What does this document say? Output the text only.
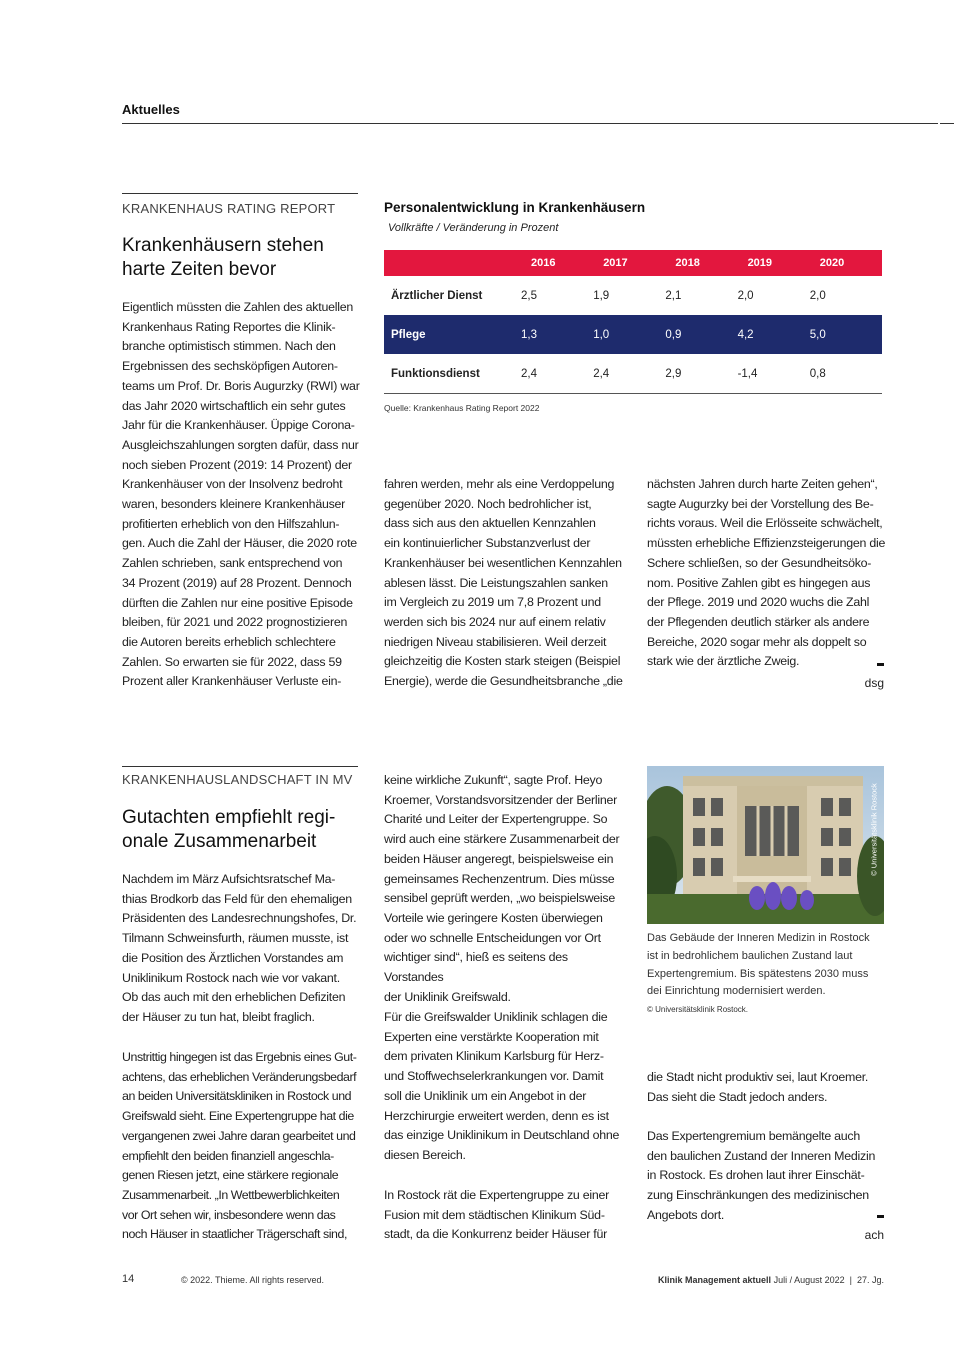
Aktuelles
KRANKENHAUS RATING REPORT
Krankenhäusern stehen
harte Zeiten bevor

Eigentlich müssten die Zahlen des aktuellen
Krankenhaus Rating Reportes die Klinik-
branche optimistisch stimmen. Nach den
Ergebnissen des sechsköpfigen Autoren-
teams um Prof. Dr. Boris Augurzky (RWI) war
das Jahr 2020 wirtschaftlich ein sehr gutes
Jahr für die Krankenhäuser. Üppige Corona-
Ausgleichszahlungen sorgten dafür, dass nur
noch sieben Prozent (2019: 14 Prozent) der
Krankenhäuser von der Insolvenz bedroht
waren, besonders kleinere Krankenhäuser
profitierten erheblich von den Hilfszahlun-
gen. Auch die Zahl der Häuser, die 2020 rote
Zahlen schrieben, sank entsprechend von
34 Prozent (2019) auf 28 Prozent. Dennoch
dürften die Zahlen nur eine positive Episode
bleiben, für 2021 und 2022 prognostizieren
die Autoren bereits erheblich schlechtere
Zahlen. So erwarten sie für 2022, dass 59
Prozent aller Krankenhäuser Verluste ein-

Personalentwicklung in Krankenhäusern
Vollkräfte / Veränderung in Prozent
	2016	2017	2018	2019	2020
Ärztlicher Dienst	2,5	1,9	2,1	2,0	2,0
Pflege	1,3	1,0	0,9	4,2	5,0
Funktionsdienst	2,4	2,4	2,9	-1,4	0,8
Quelle: Krankenhaus Rating Report 2022

fahren werden, mehr als eine Verdoppelung
gegenüber 2020. Noch bedrohlicher ist,
dass sich aus den aktuellen Kennzahlen
ein kontinuierlicher Substanzverlust der
Krankenhäuser bei wesentlichen Kennzahlen
ablesen lässt. Die Leistungszahlen sanken
im Vergleich zu 2019 um 7,8 Prozent und
werden sich bis 2024 nur auf einem relativ
niedrigen Niveau stabilisieren. Weil derzeit
gleichzeitig die Kosten stark steigen (Beispiel
Energie), werde die Gesundheitsbranche „die

nächsten Jahren durch harte Zeiten gehen“,
sagte Augurzky bei der Vorstellung des Be-
richts voraus. Weil die Erlösseite schwächelt,
müssten erhebliche Effizienzsteigerungen die
Schere schließen, so der Gesundheitsöko-
nom. Positive Zahlen gibt es hingegen aus
der Pflege. 2019 und 2020 wuchs die Zahl
der Pflegenden deutlich stärker als andere
Bereiche, 2020 sogar mehr als doppelt so
stark wie der ärztliche Zweig.

dsg
KRANKENHAUSLANDSCHAFT IN MV
Gutachten empfiehlt regi-
onale Zusammenarbeit

Nachdem im März Aufsichtsratschef Ma-
thias Brodkorb das Feld für den ehemaligen
Präsidenten des Landesrechnungshofes, Dr.
Tilmann Schweinsfurth, räumen musste, ist
die Position des Ärztlichen Vorstandes am
Uniklinikum Rostock nach wie vor vakant.
Ob das auch mit den erheblichen Defiziten
der Häuser zu tun hat, bleibt fraglich.

Unstrittig hingegen ist das Ergebnis eines Gut-
achtens, das erheblichen Veränderungsbedarf
an beiden Universitätskliniken in Rostock und
Greifswald sieht. Eine Expertengruppe hat die
vergangenen zwei Jahre daran gearbeitet und
empfiehlt den beiden finanziell angeschla-
genen Riesen jetzt, eine stärkere regionale
Zusammenarbeit. „In Wettbewerblichkeiten
vor Ort sehen wir, insbesondere wenn das
noch Häuser in staatlicher Trägerschaft sind,

keine wirkliche Zukunft“, sagte Prof. Heyo
Kroemer, Vorstandsvorsitzender der Berliner
Charité und Leiter der Expertengruppe. So
wird auch eine stärkere Zusammenarbeit der
beiden Häuser angeregt, beispielsweise ein
gemeinsames Rechenzentrum. Dies müsse
sensibel geprüft werden, „wo beispielsweise
Vorteile wie geringere Kosten überwiegen
oder wo schnelle Entscheidungen vor Ort
wichtiger sind“, hieß es seitens des Vorstandes
der Uniklinik Greifswald.

Für die Greifswalder Uniklinik schlagen die
Experten eine verstärkte Kooperation mit
dem privaten Klinikum Karlsburg für Herz-
und Stoffwechselerkrankungen vor. Damit
soll die Uniklinik um ein Angebot in der
Herzchirurgie erweitert werden, denn es ist
das einzige Uniklinikum in Deutschland ohne
diesen Bereich.

In Rostock rät die Expertengruppe zu einer
Fusion mit dem städtischen Klinikum Süd-
stadt, da die Konkurrenz beider Häuser für

© Universitätsklinik Rostock
Das Gebäude der Inneren Medizin in Rostock
ist in bedrohlichem baulichen Zustand laut
Expertengremium. Bis spätestens 2030 muss
dei Einrichtung modernisiert werden.
© Universitätsklinik Rostock.

die Stadt nicht produktiv sei, laut Kroemer.
Das sieht die Stadt jedoch anders.

Das Expertengremium bemängelte auch
den baulichen Zustand der Inneren Medizin
in Rostock. Es drohen laut ihrer Einschät-
zung Einschränkungen des medizinischen
Angebots dort.

ach
14	© 2022. Thieme. All rights reserved.	Klinik Management aktuell Juli / August 2022  |  27. Jg.
